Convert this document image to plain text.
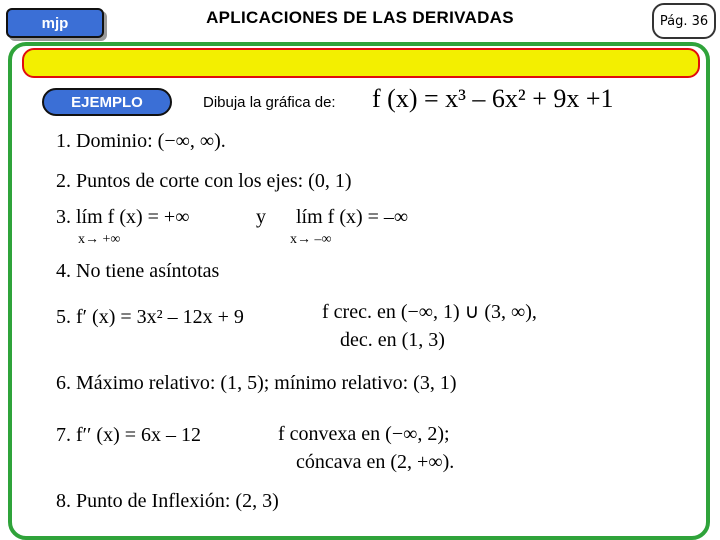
mjp	APLICACIONES DE LAS DERIVADAS	Pág. 36
EJEMPLO	Dibuja la gráfica de: f (x) = x³ – 6x² + 9x +1
1. Dominio: (−∞, ∞).
2. Puntos de corte con los ejes: (0, 1)
3. lím f (x) = +∞
x→ +∞
y lím f (x) = –∞
x→ –∞
4. No tiene asíntotas
5. f′ (x) = 3x² – 12x + 9	f crec. en (−∞, 1) ∪ (3, ∞),
dec. en (1, 3)
6. Máximo relativo: (1, 5); mínimo relativo: (3, 1)
7. f′′ (x) = 6x – 12	f convexa en (−∞, 2);
cóncava en (2, +∞).
8. Punto de Inflexión: (2, 3)
